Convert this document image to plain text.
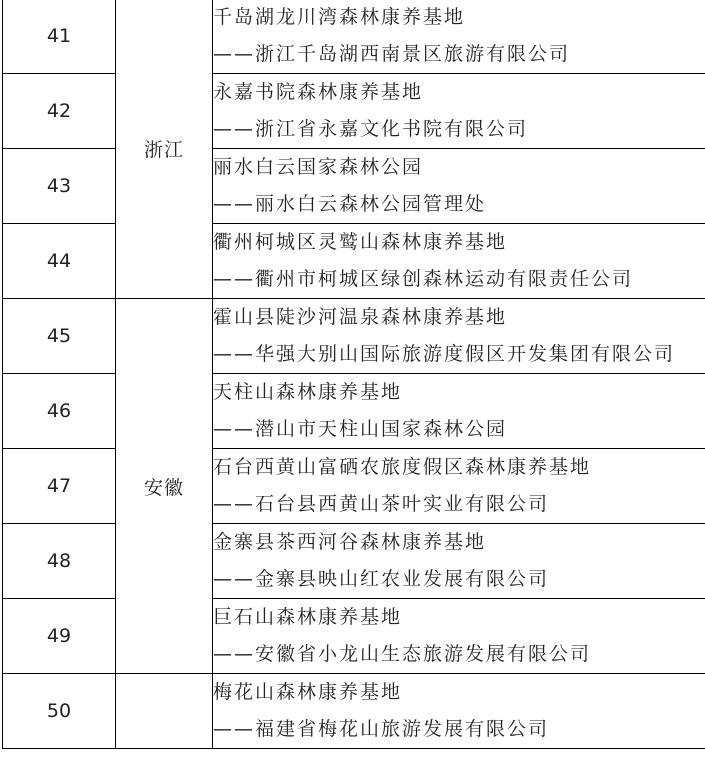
41	浙江	千岛湖龙川湾森林康养基地
——浙江千岛湖西南景区旅游有限公司

42		永嘉书院森林康养基地
——浙江省永嘉文化书院有限公司

43		丽水白云国家森林公园
——丽水白云森林公园管理处

44		衢州柯城区灵鹫山森林康养基地
——衢州市柯城区绿创森林运动有限责任公司

45	安徽	霍山县陡沙河温泉森林康养基地
——华强大别山国际旅游度假区开发集团有限公司

46		天柱山森林康养基地
——潜山市天柱山国家森林公园

47		石台西黄山富硒农旅度假区森林康养基地
——石台县西黄山茶叶实业有限公司

48		金寨县茶西河谷森林康养基地
——金寨县映山红农业发展有限公司

49		巨石山森林康养基地
——安徽省小龙山生态旅游发展有限公司

50		梅花山森林康养基地
——福建省梅花山旅游发展有限公司
